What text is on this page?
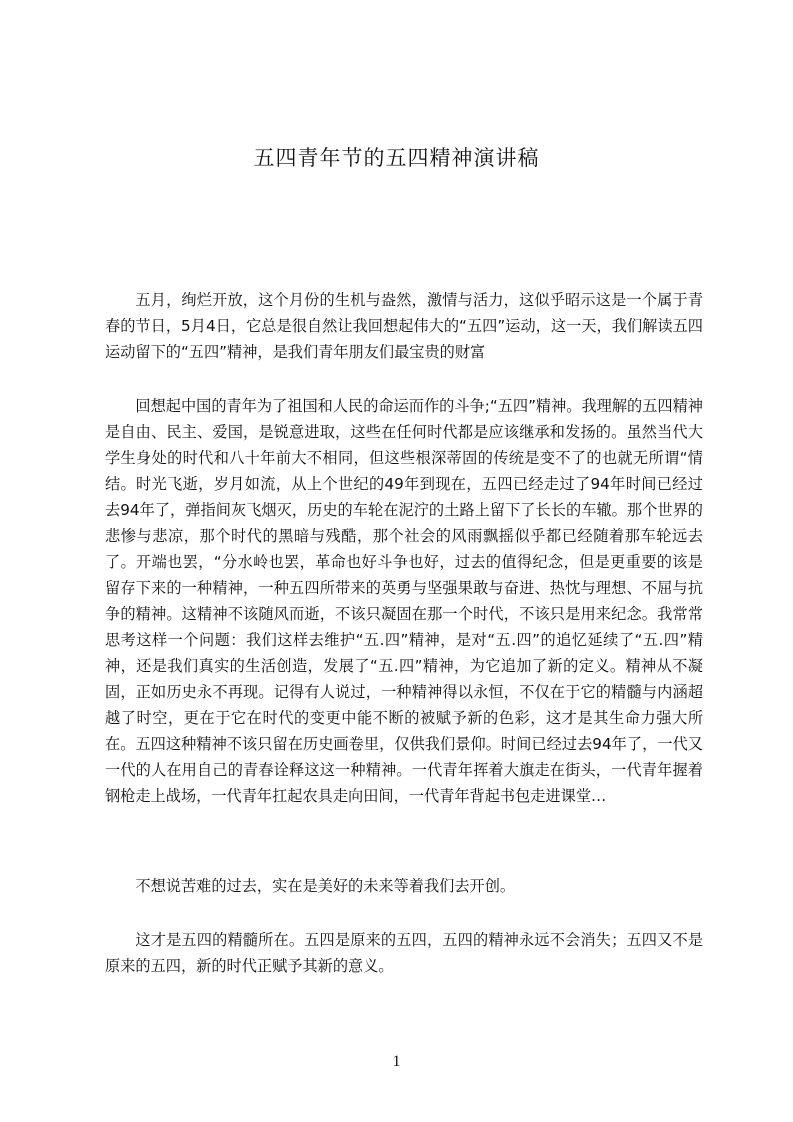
五四青年节的五四精神演讲稿

五月，绚烂开放，这个月份的生机与盎然，激情与活力，这似乎昭示这是一个属于青春的节日，5月4日，它总是很自然让我回想起伟大的“五四”运动，这一天，我们解读五四运动留下的“五四”精神，是我们青年朋友们最宝贵的财富

回想起中国的青年为了祖国和人民的命运而作的斗争;“五四”精神。我理解的五四精神是自由、民主、爱国，是锐意进取，这些在任何时代都是应该继承和发扬的。虽然当代大学生身处的时代和八十年前大不相同，但这些根深蒂固的传统是变不了的也就无所谓“情结。时光飞逝，岁月如流，从上个世纪的49年到现在，五四已经走过了94年时间已经过去94年了，弹指间灰飞烟灭，历史的车轮在泥泞的土路上留下了长长的车辙。那个世界的悲惨与悲凉，那个时代的黑暗与残酷，那个社会的风雨飘摇似乎都已经随着那车轮远去了。开端也罢，“分水岭也罢，革命也好斗争也好，过去的值得纪念，但是更重要的该是留存下来的一种精神，一种五四所带来的英勇与坚强果敢与奋进、热忱与理想、不屈与抗争的精神。这精神不该随风而逝，不该只凝固在那一个时代，不该只是用来纪念。我常常思考这样一个问题：我们这样去维护“五.四”精神，是对“五.四”的追忆延续了“五.四”精神，还是我们真实的生活创造，发展了“五.四”精神，为它追加了新的定义。精神从不凝固，正如历史永不再现。记得有人说过，一种精神得以永恒，不仅在于它的精髓与内涵超越了时空，更在于它在时代的变更中能不断的被赋予新的色彩，这才是其生命力强大所在。五四这种精神不该只留在历史画卷里，仅供我们景仰。时间已经过去94年了，一代又一代的人在用自己的青春诠释这这一种精神。一代青年挥着大旗走在街头，一代青年握着钢枪走上战场，一代青年扛起农具走向田间，一代青年背起书包走进课堂…

不想说苦难的过去，实在是美好的未来等着我们去开创。

这才是五四的精髓所在。五四是原来的五四，五四的精神永远不会消失；五四又不是原来的五四，新的时代正赋予其新的意义。

1
